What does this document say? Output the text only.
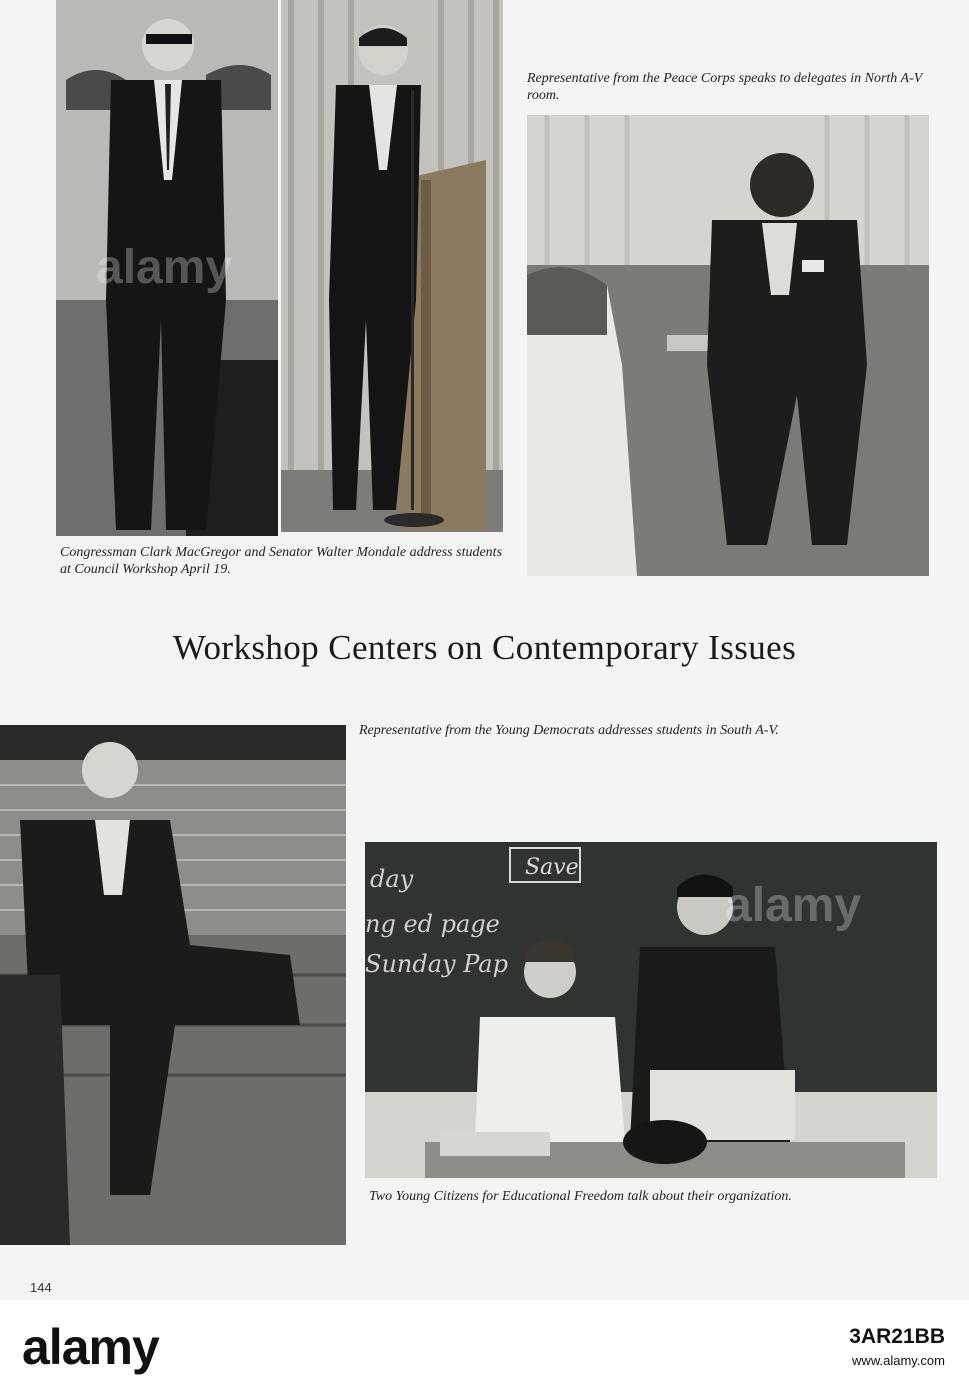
alamy

Congressman Clark MacGregor and Senator Walter Mondale address students at Council Workshop April 19.

Representative from the Peace Corps speaks to delegates in North A-V room.

Workshop Centers on Contemporary Issues

Representative from the Young Democrats addresses students in South A-V.

Save
day
ng ed page
Sunday Pap
alamy

Two Young Citizens for Educational Freedom talk about their organization.

144
alamy	3AR21BB
www.alamy.com
